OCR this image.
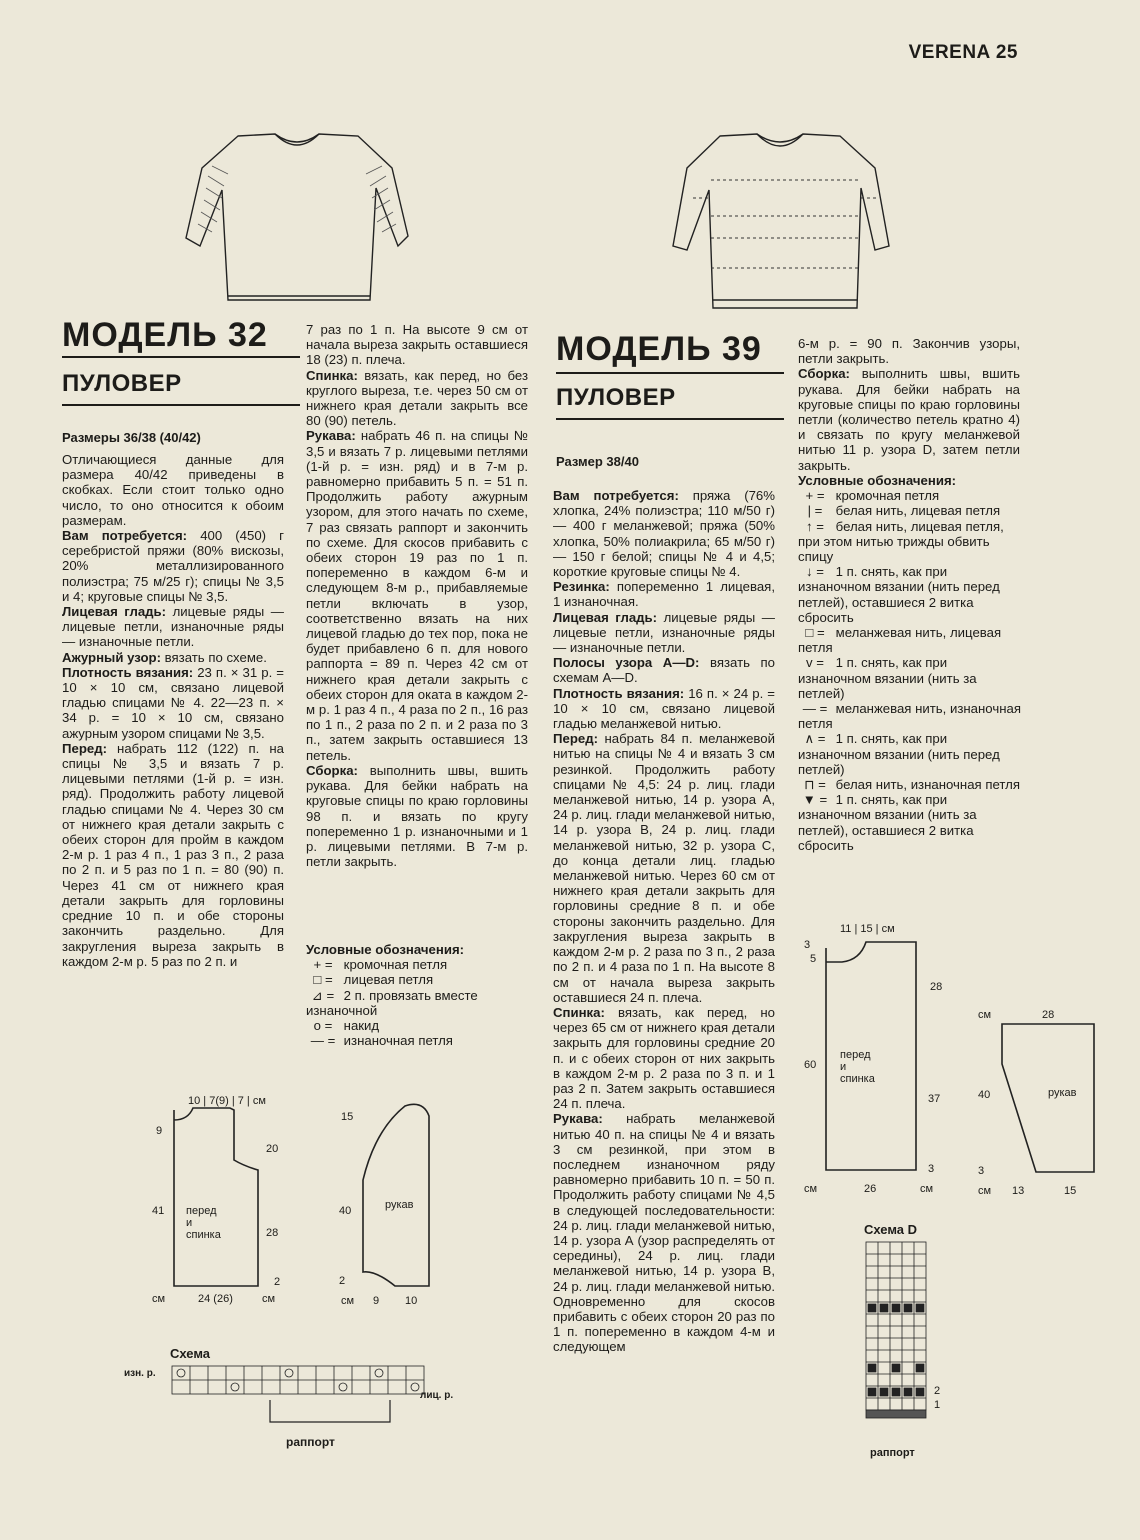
VERENA 25
МОДЕЛЬ 32
ПУЛОВЕР
Размеры 36/38 (40/42)

Отличающиеся данные для размера 40/42 приведены в скобках. Если стоит только одно число, то оно относится к обоим размерам.

Вам потребуется: 400 (450) г серебристой пряжи (80% вискозы, 20% металлизированного полиэстра; 75 м/25 г); спицы № 3,5 и 4; круговые спицы № 3,5.

Лицевая гладь: лицевые ряды — лицевые петли, изнаночные ряды — изнаночные петли.

Ажурный узор: вязать по схеме.

Плотность вязания: 23 п. × 31 р. = 10 × 10 см, связано лицевой гладью спицами № 4. 22—23 п. × 34 р. = 10 × 10 см, связано ажурным узором спицами № 3,5.

Перед: набрать 112 (122) п. на спицы № 3,5 и вязать 7 р. лицевыми петлями (1-й р. = изн. ряд). Продолжить работу лицевой гладью спицами № 4. Через 30 см от нижнего края детали закрыть с обеих сторон для пройм в каждом 2-м р. 1 раз 4 п., 1 раз 3 п., 2 раза по 2 п. и 5 раз по 1 п. = 80 (90) п. Через 41 см от нижнего края детали закрыть для горловины средние 10 п. и обе стороны закончить раздельно. Для закругления выреза закрыть в каждом 2-м р. 5 раз по 2 п. и

7 раз по 1 п. На высоте 9 см от начала выреза закрыть оставшиеся 18 (23) п. плеча.

Спинка: вязать, как перед, но без круглого выреза, т.е. через 50 см от нижнего края детали закрыть все 80 (90) петель.

Рукава: набрать 46 п. на спицы № 3,5 и вязать 7 р. лицевыми петлями (1-й р. = изн. ряд) и в 7-м р. равномерно прибавить 5 п. = 51 п. Продолжить работу ажурным узором, для этого начать по схеме, 7 раз связать раппорт и закончить по схеме. Для скосов прибавить с обеих сторон 19 раз по 1 п. попеременно в каждом 6-м и следующем 8-м р., прибавляемые петли включать в узор, соответственно вязать на них лицевой гладью до тех пор, пока не будет прибавлено 6 п. для нового раппорта = 89 п. Через 42 см от нижнего края детали закрыть с обеих сторон для оката в каждом 2-м р. 1 раз 4 п., 4 раза по 2 п., 16 раз по 1 п., 2 раза по 2 п. и 2 раза по 3 п., затем закрыть оставшиеся 13 петель.

Сборка: выполнить швы, вшить рукава. Для бейки набрать на круговые спицы по краю горловины 98 п. и вязать по кругу попеременно 1 р. изнаночными и 1 р. лицевыми петлями. В 7-м р. петли закрыть.

Условные обозначения:
+ = кромочная петля
□ = лицевая петля
⊿ = 2 п. провязать вместе изнаночной
o = накид
— = изнаночная петля
10 | 7(9) | 7 | см
9
41
20
28
2
перед
и
спинка
см	24 (26)	см
15
40
2
рукав
см 9 10
Схема
изн. р.
лиц. р.
раппорт
МОДЕЛЬ 39
ПУЛОВЕР
Размер 38/40

Вам потребуется: пряжа (76% хлопка, 24% полиэстра; 110 м/50 г) — 400 г меланжевой; пряжа (50% хлопка, 50% полиакрила; 65 м/50 г) — 150 г белой; спицы № 4 и 4,5; короткие круговые спицы № 4.

Резинка: попеременно 1 лицевая, 1 изнаночная.

Лицевая гладь: лицевые ряды — лицевые петли, изнаночные ряды — изнаночные петли.

Полосы узора А—D: вязать по схемам А—D.

Плотность вязания: 16 п. × 24 р. = 10 × 10 см, связано лицевой гладью меланжевой нитью.

Перед: набрать 84 п. меланжевой нитью на спицы № 4 и вязать 3 см резинкой. Продолжить работу спицами № 4,5: 24 р. лиц. глади меланжевой нитью, 14 р. узора А, 24 р. лиц. глади меланжевой нитью, 14 р. узора В, 24 р. лиц. глади меланжевой нитью, 32 р. узора С, до конца детали лиц. гладью меланжевой нитью. Через 60 см от нижнего края детали закрыть для горловины средние 8 п. и обе стороны закончить раздельно. Для закругления выреза закрыть в каждом 2-м р. 2 раза по 3 п., 2 раза по 2 п. и 4 раза по 1 п. На высоте 8 см от начала выреза закрыть оставшиеся 24 п. плеча.

Спинка: вязать, как перед, но через 65 см от нижнего края детали закрыть для горловины средние 20 п. и с обеих сторон от них закрыть в каждом 2-м р. 2 раза по 3 п. и 1 раз 2 п. Затем закрыть оставшиеся 24 п. плеча.

Рукава: набрать меланжевой нитью 40 п. на спицы № 4 и вязать 3 см резинкой, при этом в последнем изнаночном ряду равномерно прибавить 10 п. = 50 п. Продолжить работу спицами № 4,5 в следующей последовательности: 24 р. лиц. глади меланжевой нитью, 14 р. узора А (узор распределять от середины), 24 р. лиц. глади меланжевой нитью, 14 р. узора В, 24 р. лиц. глади меланжевой нитью. Одновременно для скосов прибавить с обеих сторон 20 раз по 1 п. попеременно в каждом 4-м и следующем

6-м р. = 90 п. Закончив узоры, петли закрыть.

Сборка: выполнить швы, вшить рукава. Для бейки набрать на круговые спицы по краю горловины петли (количество петель кратно 4) и связать по кругу меланжевой нитью 11 р. узора D, затем петли закрыть.

Условные обозначения:
+ = кромочная петля
| = белая нить, лицевая петля
↑ = белая нить, лицевая петля, при этом нитью трижды обвить спицу
↓ = 1 п. снять, как при изнаночном вязании (нить перед петлей), оставшиеся 2 витка сбросить
□ = меланжевая нить, лицевая петля
v = 1 п. снять, как при изнаночном вязании (нить за петлей)
— = меланжевая нить, изнаночная петля
∧ = 1 п. снять, как при изнаночном вязании (нить перед петлей)
⊓ = белая нить, изнаночная петля
▼ = 1 п. снять, как при изнаночном вязании (нить за петлей), оставшиеся 2 витка сбросить
11 | 15 | см
3
5
60
28
37
3
перед
и
спинка
см	26	см
см	28
40
3
рукав
см 13	15
Схема D
2
1
раппорт
